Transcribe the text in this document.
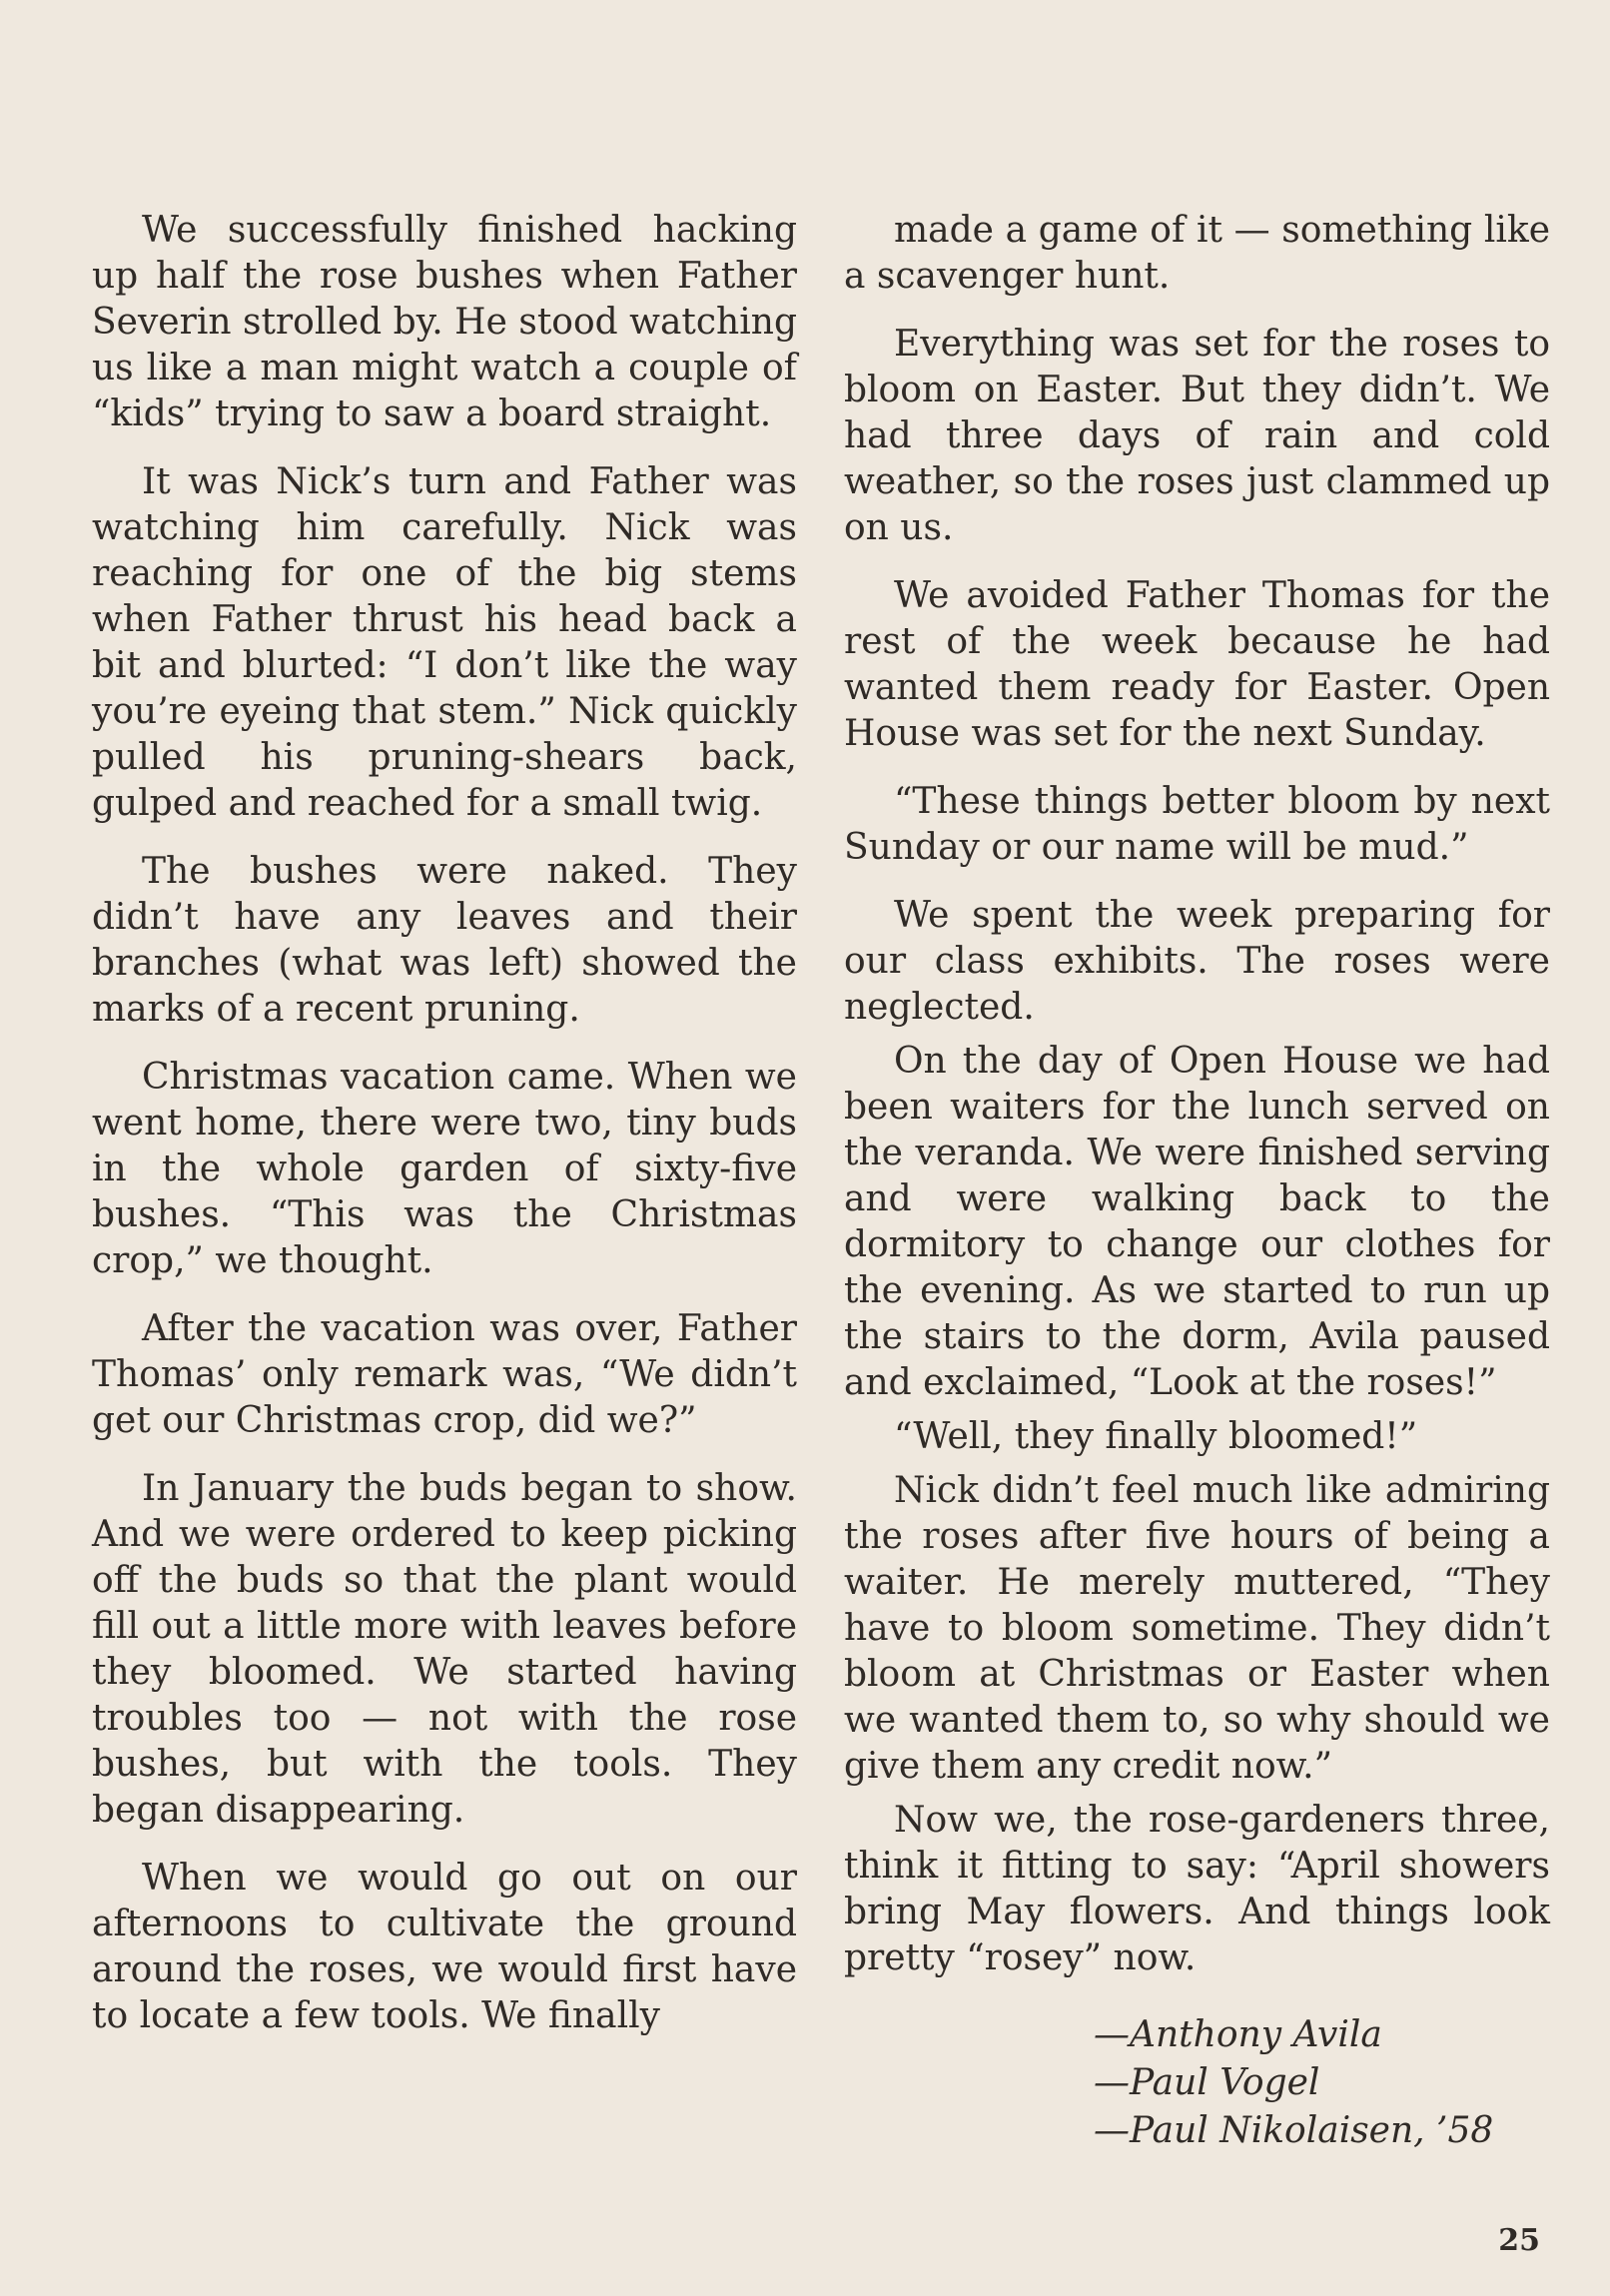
We successfully finished hacking up half the rose bushes when Father Severin strolled by. He stood watching us like a man might watch a couple of “kids” trying to saw a board straight.

It was Nick’s turn and Father was watching him carefully. Nick was reaching for one of the big stems when Father thrust his head back a bit and blurted: “I don’t like the way you’re eyeing that stem.” Nick quickly pulled his pruning-shears back, gulped and reached for a small twig.

The bushes were naked. They didn’t have any leaves and their branches (what was left) showed the marks of a recent pruning.

Christmas vacation came. When we went home, there were two, tiny buds in the whole garden of sixty-five bushes. “This was the Christmas crop,” we thought.

After the vacation was over, Father Thomas’ only remark was, “We didn’t get our Christmas crop, did we?”

In January the buds began to show. And we were ordered to keep picking off the buds so that the plant would fill out a little more with leaves before they bloomed. We started having troubles too — not with the rose bushes, but with the tools. They began disappearing.

When we would go out on our afternoons to cultivate the ground around the roses, we would first have to locate a few tools. We finally

made a game of it — something like a scavenger hunt.

Everything was set for the roses to bloom on Easter. But they didn’t. We had three days of rain and cold weather, so the roses just clammed up on us.

We avoided Father Thomas for the rest of the week because he had wanted them ready for Easter. Open House was set for the next Sunday.

“These things better bloom by next Sunday or our name will be mud.”

We spent the week preparing for our class exhibits. The roses were neglected.

On the day of Open House we had been waiters for the lunch served on the veranda. We were finished serving and were walking back to the dormitory to change our clothes for the evening. As we started to run up the stairs to the dorm, Avila paused and exclaimed, “Look at the roses!”

“Well, they finally bloomed!”

Nick didn’t feel much like admiring the roses after five hours of being a waiter. He merely muttered, “They have to bloom sometime. They didn’t bloom at Christmas or Easter when we wanted them to, so why should we give them any credit now.”

Now we, the rose-gardeners three, think it fitting to say: “April showers bring May flowers. And things look pretty “rosey” now.

—Anthony Avila
—Paul Vogel
—Paul Nikolaisen, ’58
25
